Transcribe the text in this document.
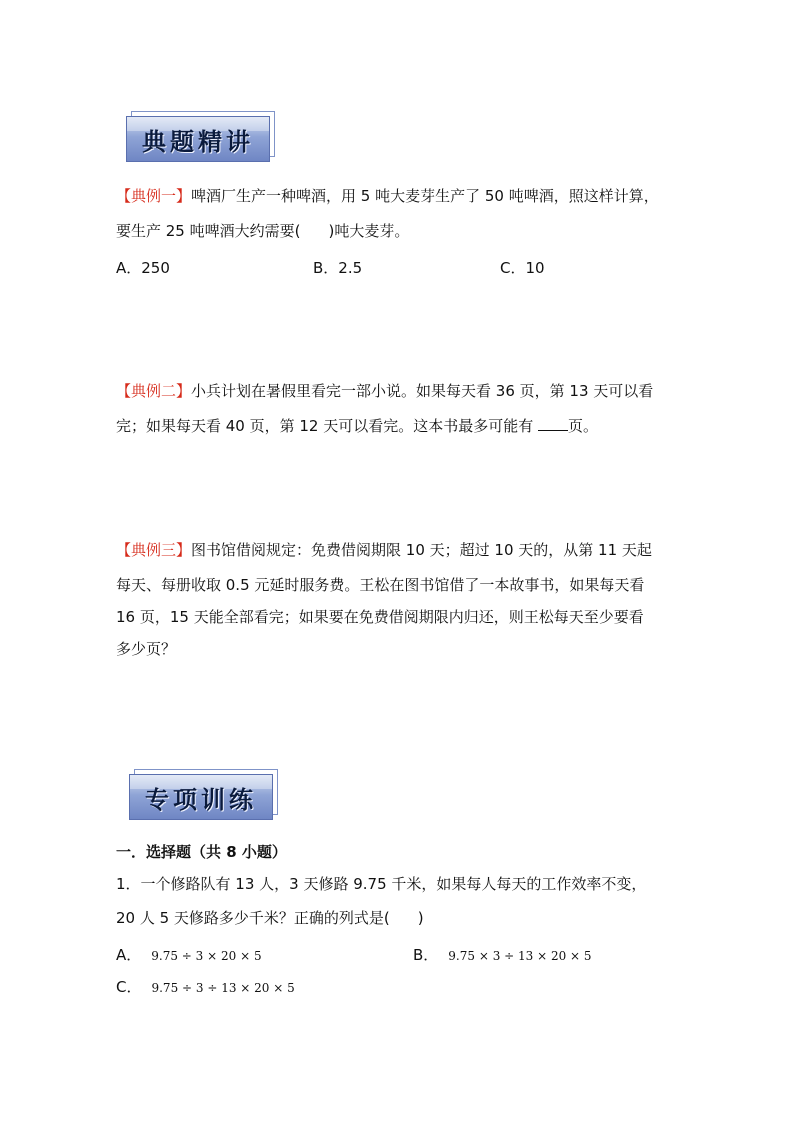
典题精讲
【典例一】啤酒厂生产一种啤酒，用 5 吨大麦芽生产了 50 吨啤酒，照这样计算，
要生产 25 吨啤酒大约需要( )吨大麦芽。
A．250	B．2.5	C．10
【典例二】小兵计划在暑假里看完一部小说。如果每天看 36 页，第 13 天可以看
完；如果每天看 40 页，第 12 天可以看完。这本书最多可能有 页。
【典例三】图书馆借阅规定：免费借阅期限 10 天；超过 10 天的，从第 11 天起
每天、每册收取 0.5 元延时服务费。王松在图书馆借了一本故事书，如果每天看
16 页，15 天能全部看完；如果要在免费借阅期限内归还，则王松每天至少要看
多少页？
专项训练
一．选择题（共 8 小题）
1．一个修路队有 13 人，3 天修路 9.75 千米，如果每人每天的工作效率不变，
20 人 5 天修路多少千米？正确的列式是( )
A． 9.75 ÷ 3 × 20 × 5	B． 9.75 × 3 ÷ 13 × 20 × 5
C． 9.75 ÷ 3 ÷ 13 × 20 × 5
